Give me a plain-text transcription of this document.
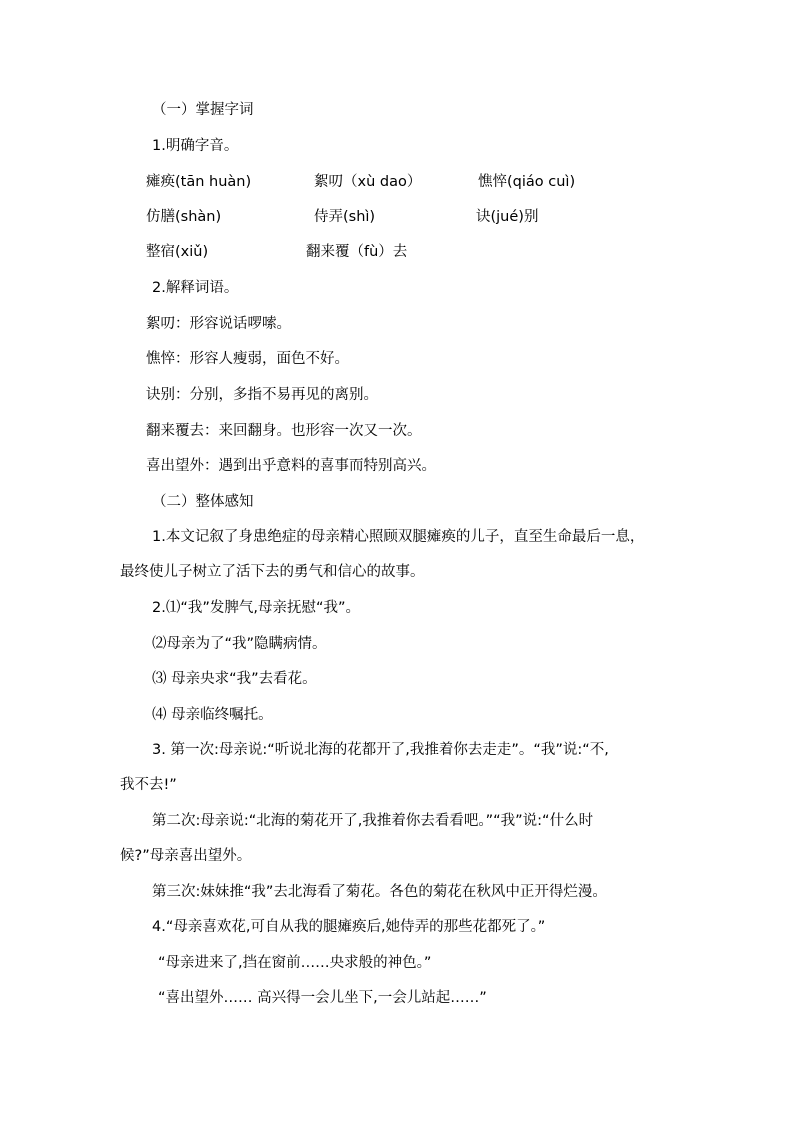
（一）掌握字词
1.明确字音。
瘫痪(tān huàn)	絮叨（xù dao）	憔悴(qiáo cuì)
仿膳(shàn)	侍弄(shì)	诀(jué)别
整宿(xiǔ)	翻来覆（fù）去
2.解释词语。
絮叨：形容说话啰嗦。
憔悴：形容人瘦弱，面色不好。
诀别：分别，多指不易再见的离别。
翻来覆去：来回翻身。也形容一次又一次。
喜出望外：遇到出乎意料的喜事而特别高兴。
（二）整体感知
1.本文记叙了身患绝症的母亲精心照顾双腿瘫痪的儿子，直至生命最后一息，
最终使儿子树立了活下去的勇气和信心的故事。
2.⑴“我”发脾气,母亲抚慰“我”。
⑵母亲为了“我”隐瞒病情。
⑶ 母亲央求“我”去看花。
⑷ 母亲临终嘱托。
3. 第一次:母亲说:“听说北海的花都开了,我推着你去走走”。“我”说:“不,
我不去!”
第二次:母亲说:“北海的菊花开了,我推着你去看看吧。”“我”说:“什么时
候?”母亲喜出望外。
第三次:妹妹推“我”去北海看了菊花。各色的菊花在秋风中正开得烂漫。
4.“母亲喜欢花,可自从我的腿瘫痪后,她侍弄的那些花都死了。”
“母亲进来了,挡在窗前……央求般的神色。”
“喜出望外…… 高兴得一会儿坐下,一会儿站起……”
